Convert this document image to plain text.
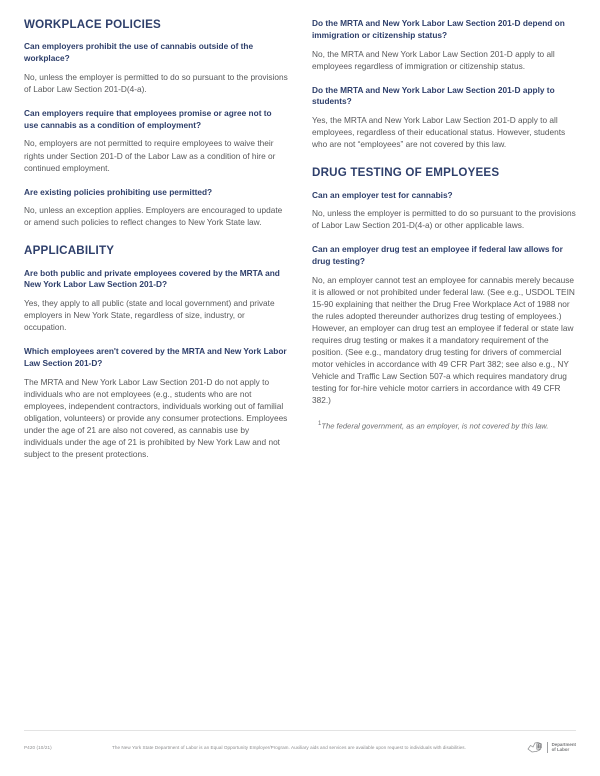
WORKPLACE POLICIES
Can employers prohibit the use of cannabis outside of the workplace?

No, unless the employer is permitted to do so pursuant to the provisions of Labor Law Section 201-D(4-a).

Can employers require that employees promise or agree not to use cannabis as a condition of employment?

No, employers are not permitted to require employees to waive their rights under Section 201-D of the Labor Law as a condition of hire or continued employment.

Are existing policies prohibiting use permitted?

No, unless an exception applies. Employers are encouraged to update or amend such policies to reflect changes to New York State law.

APPLICABILITY
Are both public and private employees covered by the MRTA and New York Labor Law Section 201-D?

Yes, they apply to all public (state and local government) and private employers in New York State, regardless of size, industry, or occupation.

Which employees aren't covered by the MRTA and New York Labor Law Section 201-D?

The MRTA and New York Labor Law Section 201-D do not apply to individuals who are not employees (e.g., students who are not employees, independent contractors, individuals working out of familial obligation, volunteers) or provide any consumer protections. Employees under the age of 21 are also not covered, as cannabis use by individuals under the age of 21 is prohibited by New York Law and not subject to the present protections.

Do the MRTA and New York Labor Law Section 201-D depend on immigration or citizenship status?

No, the MRTA and New York Labor Law Section 201-D apply to all employees regardless of immigration or citizenship status.

Do the MRTA and New York Labor Law Section 201-D apply to students?

Yes, the MRTA and New York Labor Law Section 201-D apply to all employees, regardless of their educational status. However, students who are not “employees” are not covered by this law.

DRUG TESTING OF EMPLOYEES
Can an employer test for cannabis?

No, unless the employer is permitted to do so pursuant to the provisions of Labor Law Section 201-D(4-a) or other applicable laws.

Can an employer drug test an employee if federal law allows for drug testing?

No, an employer cannot test an employee for cannabis merely because it is allowed or not prohibited under federal law. (See e.g., USDOL TEIN 15-90 explaining that neither the Drug Free Workplace Act of 1988 nor the rules adopted thereunder authorizes drug testing of employees.) However, an employer can drug test an employee if federal or state law requires drug testing or makes it a mandatory requirement of the position. (See e.g., mandatory drug testing for drivers of commercial motor vehicles in accordance with 49 CFR Part 382; see also e.g., NY Vehicle and Traffic Law Section 507-a which requires mandatory drug testing for for-hire vehicle motor carriers in accordance with 49 CFR 382.)

$^1$The federal government, as an employer, is not covered by this law.
P420 (10/21)	The New York State Department of Labor is an Equal Opportunity Employer/Program. Auxiliary aids and services are available upon request to individuals with disabilities.
Department
of Labor
